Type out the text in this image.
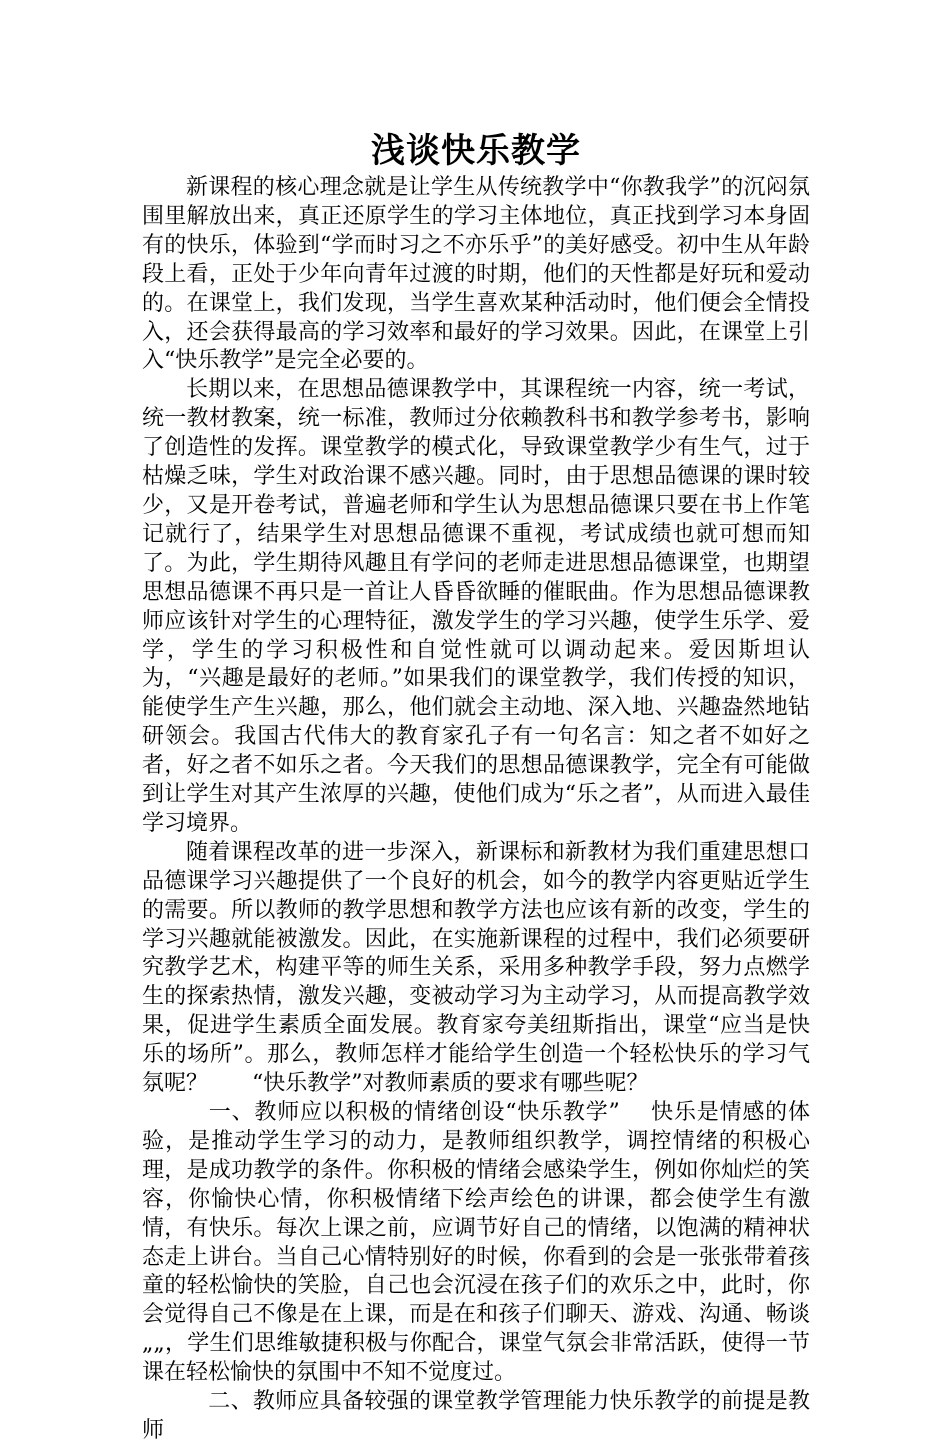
浅谈快乐教学

新课程的核心理念就是让学生从传统教学中“你教我学”的沉闷氛围里解放出来，真正还原学生的学习主体地位，真正找到学习本身固有的快乐，体验到“学而时习之不亦乐乎”的美好感受。初中生从年龄段上看，正处于少年向青年过渡的时期，他们的天性都是好玩和爱动的。在课堂上，我们发现，当学生喜欢某种活动时，他们便会全情投入，还会获得最高的学习效率和最好的学习效果。因此，在课堂上引入“快乐教学”是完全必要的。

长期以来，在思想品德课教学中，其课程统一内容，统一考试，统一教材教案，统一标准，教师过分依赖教科书和教学参考书，影响了创造性的发挥。课堂教学的模式化，导致课堂教学少有生气，过于枯燥乏味，学生对政治课不感兴趣。同时，由于思想品德课的课时较少，又是开卷考试，普遍老师和学生认为思想品德课只要在书上作笔记就行了，结果学生对思想品德课不重视，考试成绩也就可想而知了。为此，学生期待风趣且有学问的老师走进思想品德课堂，也期望思想品德课不再只是一首让人昏昏欲睡的催眠曲。作为思想品德课教师应该针对学生的心理特征，激发学生的学习兴趣，使学生乐学、爱学，学生的学习积极性和自觉性就可以调动起来。爱因斯坦认为，“兴趣是最好的老师。”如果我们的课堂教学，我们传授的知识，能使学生产生兴趣，那么，他们就会主动地、深入地、兴趣盎然地钻研领会。我国古代伟大的教育家孔子有一句名言：知之者不如好之者，好之者不如乐之者。今天我们的思想品德课教学，完全有可能做到让学生对其产生浓厚的兴趣，使他们成为“乐之者”，从而进入最佳学习境界。

随着课程改革的进一步深入，新课标和新教材为我们重建思想口品德课学习兴趣提供了一个良好的机会，如今的教学内容更贴近学生的需要。所以教师的教学思想和教学方法也应该有新的改变，学生的学习兴趣就能被激发。因此，在实施新课程的过程中，我们必须要研究教学艺术，构建平等的师生关系，采用多种教学手段，努力点燃学生的探索热情，激发兴趣，变被动学习为主动学习，从而提高教学效果，促进学生素质全面发展。教育家夸美纽斯指出，课堂“应当是快乐的场所”。那么，教师怎样才能给学生创造一个轻松快乐的学习气氛呢？　　“快乐教学”对教师素质的要求有哪些呢？

　一、教师应以积极的情绪创设“快乐教学”　 快乐是情感的体验，是推动学生学习的动力，是教师组织教学，调控情绪的积极心理，是成功教学的条件。你积极的情绪会感染学生，例如你灿烂的笑容，你愉快心情，你积极情绪下绘声绘色的讲课，都会使学生有激情，有快乐。每次上课之前，应调节好自己的情绪，以饱满的精神状态走上讲台。当自己心情特别好的时候，你看到的会是一张张带着孩童的轻松愉快的笑脸，自己也会沉浸在孩子们的欢乐之中，此时，你会觉得自己不像是在上课，而是在和孩子们聊天、游戏、沟通、畅谈„„，学生们思维敏捷积极与你配合，课堂气氛会非常活跃，使得一节课在轻松愉快的氛围中不知不觉度过。

　二、教师应具备较强的课堂教学管理能力快乐教学的前提是教师
